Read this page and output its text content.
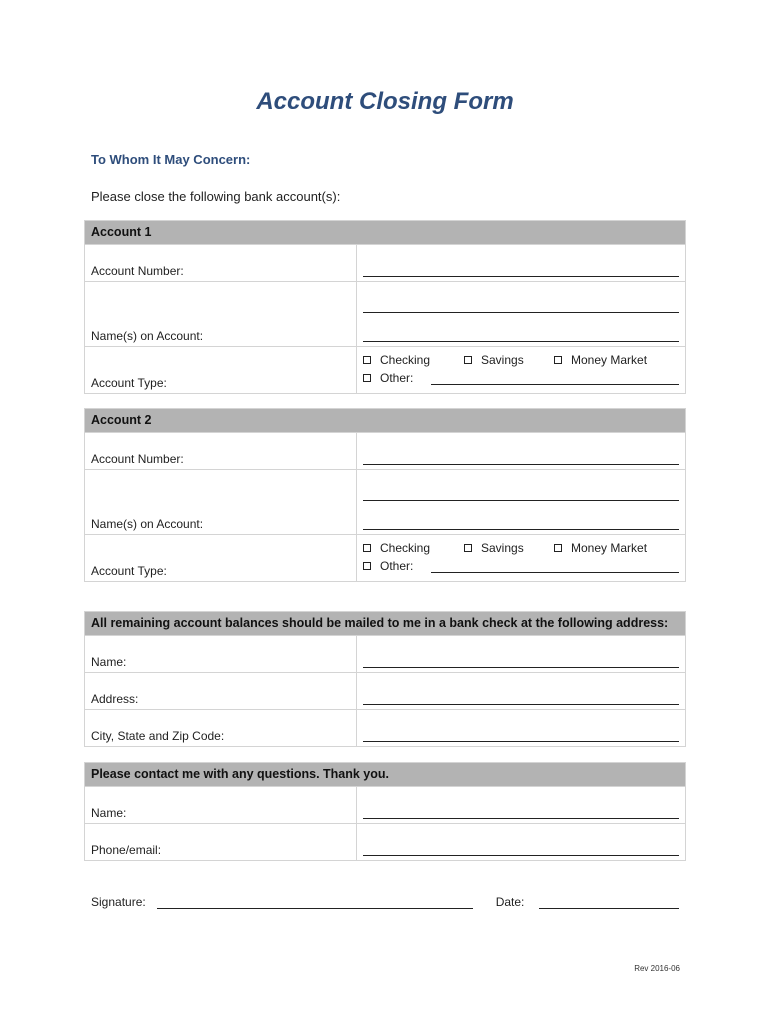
Account Closing Form
To Whom It May Concern:
Please close the following bank account(s):
Account 1
Account Number:
Name(s) on Account:
Account Type:
Checking	Savings	Money Market
Other:
Account 2
Account Number:
Name(s) on Account:
Account Type:
Checking	Savings	Money Market
Other:
All remaining account balances should be mailed to me in a bank check at the following address:
Name:
Address:
City, State and Zip Code:
Please contact me with any questions. Thank you.
Name:
Phone/email:
Signature:	Date:
Rev 2016-06
